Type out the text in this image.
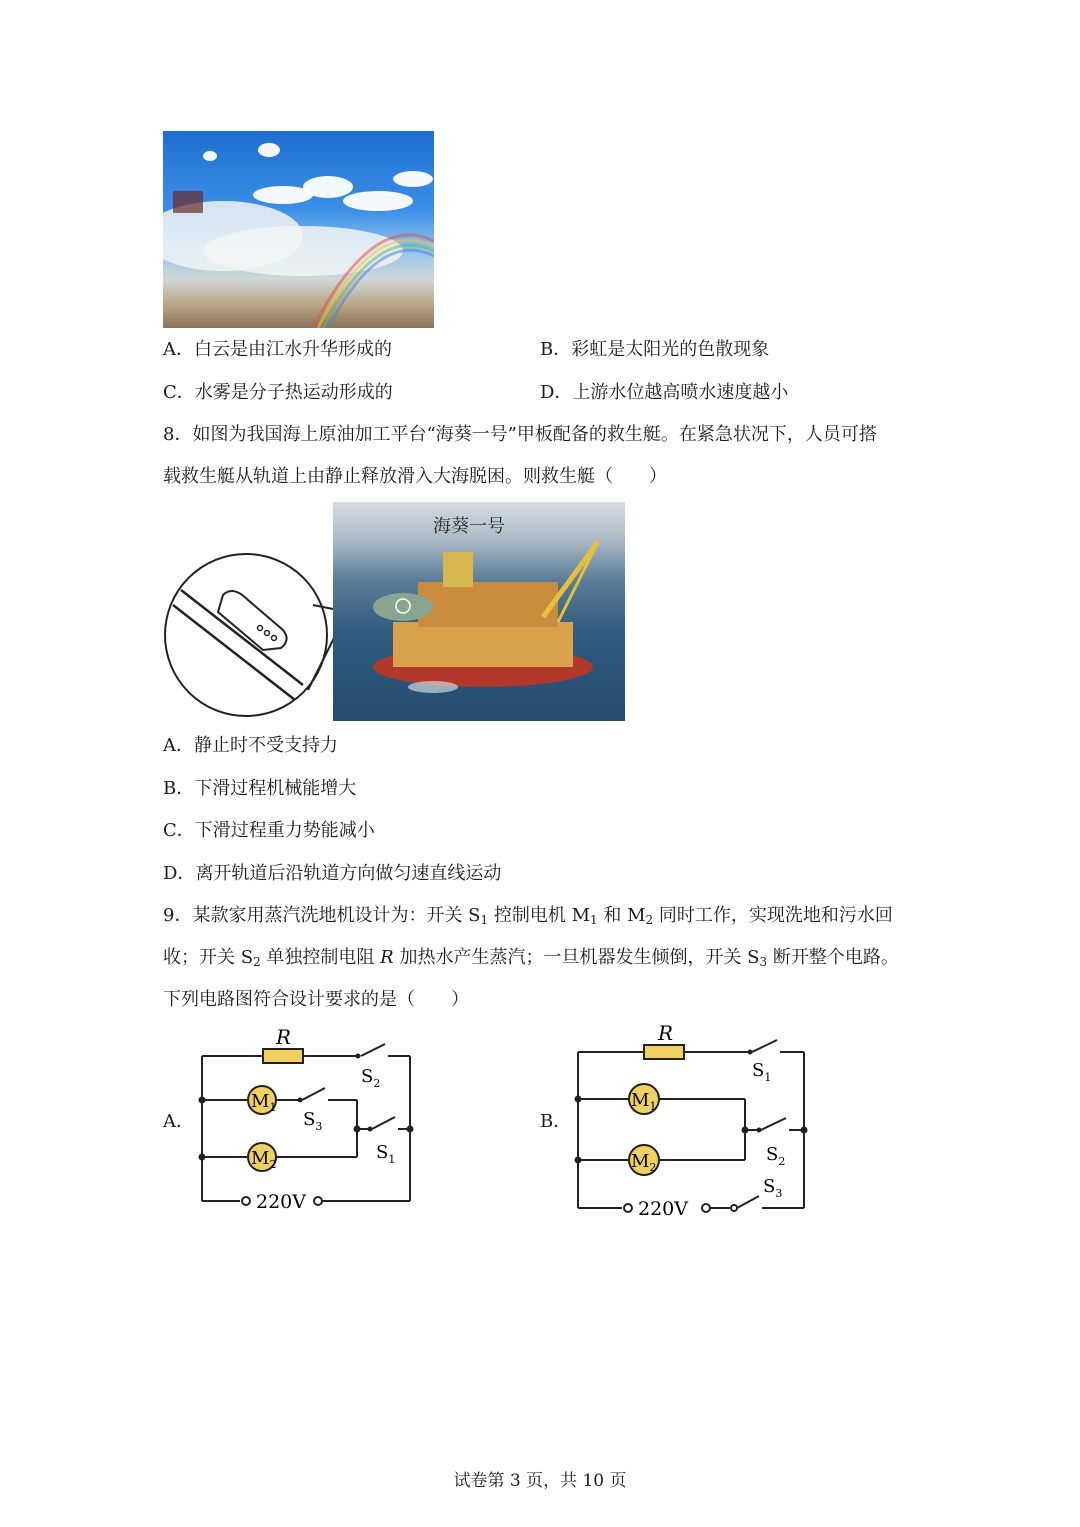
A．白云是由江水升华形成的	B．彩虹是太阳光的色散现象
C．水雾是分子热运动形成的	D．上游水位越高喷水速度越小
8．如图为我国海上原油加工平台“海葵一号”甲板配备的救生艇。在紧急状况下，人员可搭
载救生艇从轨道上由静止释放滑入大海脱困。则救生艇（　　）
海葵一号
A．静止时不受支持力
B．下滑过程机械能增大
C．下滑过程重力势能减小
D．离开轨道后沿轨道方向做匀速直线运动
9．某款家用蒸汽洗地机设计为：开关 $S_1$ 控制电机 $M_1$ 和 $M_2$ 同时工作，实现洗地和污水回
收；开关 $S_2$ 单独控制电阻 R 加热水产生蒸汽；一旦机器发生倾倒，开关 $S_3$ 断开整个电路。
下列电路图符合设计要求的是（　　）
R
$M_1$
$M_2$
$S_2$
$S_3$
$S_1$
220V
A．
R
$M_1$
$M_2$
$S_1$
$S_2$
$S_3$
220V
B．
试卷第 3 页，共 10 页
